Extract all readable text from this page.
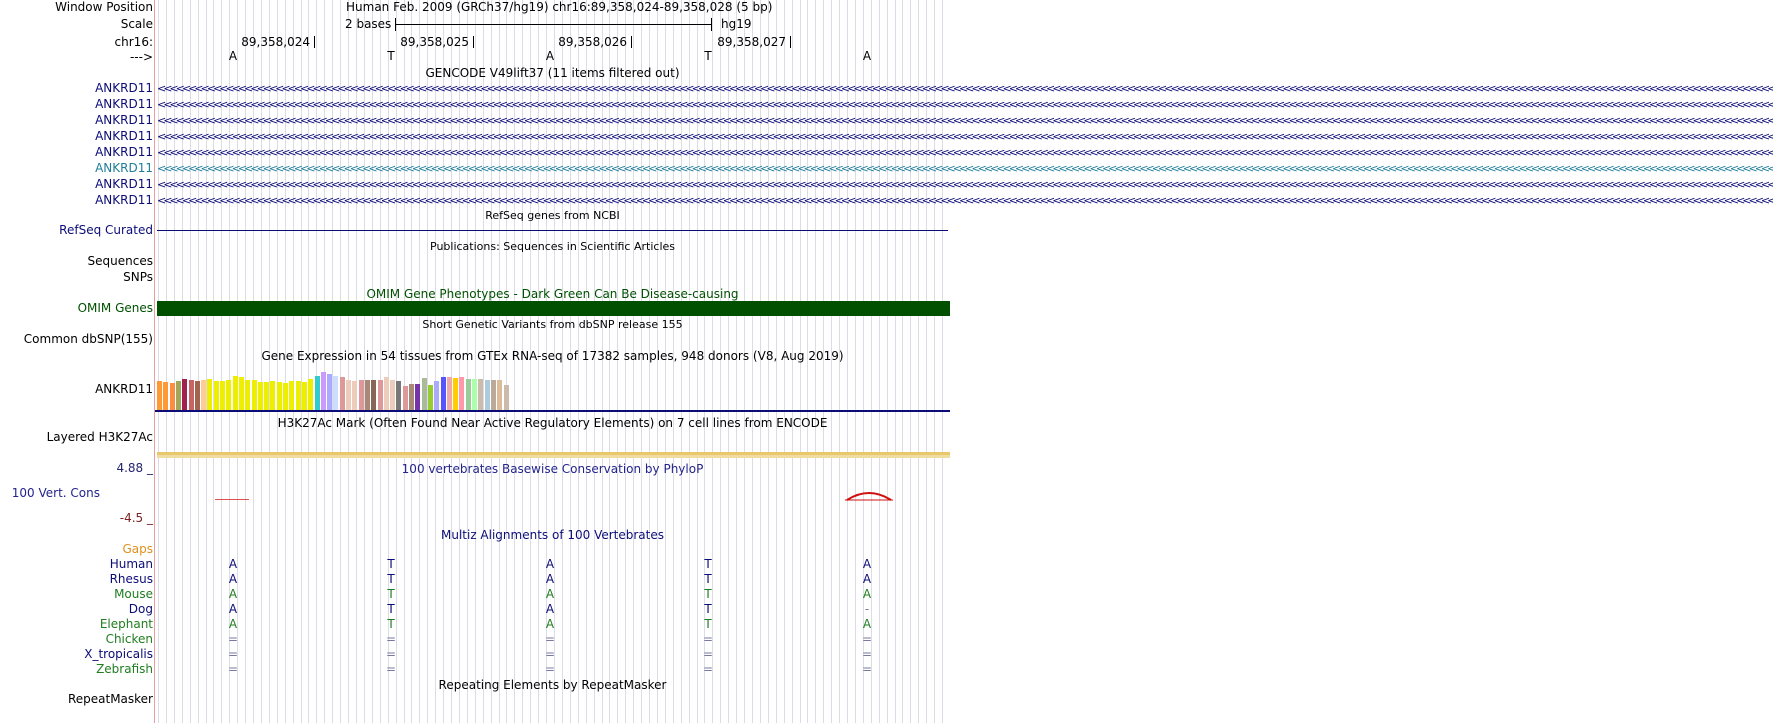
Window Position	Human Feb. 2009 (GRCh37/hg19) chr16:89,358,024-89,358,028 (5 bp)
Scale	2 bases	hg19
chr16:	89,358,024	89,358,025	89,358,026	89,358,027
--->	A	T	A	T	A
GENCODE V49lift37 (11 items filtered out)
ANKRD11 <<<<<<<<<<<<<<<<<<<<<<<<<<<<<<<<<<<<<<<<<<<<<<<<<<<<<<<<<<<<<<<<<<<<<<<<<<<<<<<<<<<<<<<<<<<<<<<<<<<<<<<<<<<<<<<<<<<<<<<<<<<<<<<<<<<<<<<<<<<<<<<<<<<<<<<<<<<<<<<<<<<<<<<<<<<<<<<<<<<<<<<<<<<<<<<<<<<<<<<<<<<<<<<<<<<<<<<<<<<<<<<<<<<<<<<<<<<<<<<<<<<<<<<<<<<<<<<<<<<<
ANKRD11 <<<<<<<<<<<<<<<<<<<<<<<<<<<<<<<<<<<<<<<<<<<<<<<<<<<<<<<<<<<<<<<<<<<<<<<<<<<<<<<<<<<<<<<<<<<<<<<<<<<<<<<<<<<<<<<<<<<<<<<<<<<<<<<<<<<<<<<<<<<<<<<<<<<<<<<<<<<<<<<<<<<<<<<<<<<<<<<<<<<<<<<<<<<<<<<<<<<<<<<<<<<<<<<<<<<<<<<<<<<<<<<<<<<<<<<<<<<<<<<<<<<<<<<<<<<<<<<<<<<<
ANKRD11 <<<<<<<<<<<<<<<<<<<<<<<<<<<<<<<<<<<<<<<<<<<<<<<<<<<<<<<<<<<<<<<<<<<<<<<<<<<<<<<<<<<<<<<<<<<<<<<<<<<<<<<<<<<<<<<<<<<<<<<<<<<<<<<<<<<<<<<<<<<<<<<<<<<<<<<<<<<<<<<<<<<<<<<<<<<<<<<<<<<<<<<<<<<<<<<<<<<<<<<<<<<<<<<<<<<<<<<<<<<<<<<<<<<<<<<<<<<<<<<<<<<<<<<<<<<<<<<<<<<<
ANKRD11 <<<<<<<<<<<<<<<<<<<<<<<<<<<<<<<<<<<<<<<<<<<<<<<<<<<<<<<<<<<<<<<<<<<<<<<<<<<<<<<<<<<<<<<<<<<<<<<<<<<<<<<<<<<<<<<<<<<<<<<<<<<<<<<<<<<<<<<<<<<<<<<<<<<<<<<<<<<<<<<<<<<<<<<<<<<<<<<<<<<<<<<<<<<<<<<<<<<<<<<<<<<<<<<<<<<<<<<<<<<<<<<<<<<<<<<<<<<<<<<<<<<<<<<<<<<<<<<<<<<<
ANKRD11 <<<<<<<<<<<<<<<<<<<<<<<<<<<<<<<<<<<<<<<<<<<<<<<<<<<<<<<<<<<<<<<<<<<<<<<<<<<<<<<<<<<<<<<<<<<<<<<<<<<<<<<<<<<<<<<<<<<<<<<<<<<<<<<<<<<<<<<<<<<<<<<<<<<<<<<<<<<<<<<<<<<<<<<<<<<<<<<<<<<<<<<<<<<<<<<<<<<<<<<<<<<<<<<<<<<<<<<<<<<<<<<<<<<<<<<<<<<<<<<<<<<<<<<<<<<<<<<<<<<<
ANKRD11 <<<<<<<<<<<<<<<<<<<<<<<<<<<<<<<<<<<<<<<<<<<<<<<<<<<<<<<<<<<<<<<<<<<<<<<<<<<<<<<<<<<<<<<<<<<<<<<<<<<<<<<<<<<<<<<<<<<<<<<<<<<<<<<<<<<<<<<<<<<<<<<<<<<<<<<<<<<<<<<<<<<<<<<<<<<<<<<<<<<<<<<<<<<<<<<<<<<<<<<<<<<<<<<<<<<<<<<<<<<<<<<<<<<<<<<<<<<<<<<<<<<<<<<<<<<<<<<<<<<<
ANKRD11 <<<<<<<<<<<<<<<<<<<<<<<<<<<<<<<<<<<<<<<<<<<<<<<<<<<<<<<<<<<<<<<<<<<<<<<<<<<<<<<<<<<<<<<<<<<<<<<<<<<<<<<<<<<<<<<<<<<<<<<<<<<<<<<<<<<<<<<<<<<<<<<<<<<<<<<<<<<<<<<<<<<<<<<<<<<<<<<<<<<<<<<<<<<<<<<<<<<<<<<<<<<<<<<<<<<<<<<<<<<<<<<<<<<<<<<<<<<<<<<<<<<<<<<<<<<<<<<<<<<<
ANKRD11 <<<<<<<<<<<<<<<<<<<<<<<<<<<<<<<<<<<<<<<<<<<<<<<<<<<<<<<<<<<<<<<<<<<<<<<<<<<<<<<<<<<<<<<<<<<<<<<<<<<<<<<<<<<<<<<<<<<<<<<<<<<<<<<<<<<<<<<<<<<<<<<<<<<<<<<<<<<<<<<<<<<<<<<<<<<<<<<<<<<<<<<<<<<<<<<<<<<<<<<<<<<<<<<<<<<<<<<<<<<<<<<<<<<<<<<<<<<<<<<<<<<<<<<<<<<<<<<<<<<<
RefSeq genes from NCBI
RefSeq Curated
Publications: Sequences in Scientific Articles
Sequences
SNPs
OMIM Gene Phenotypes - Dark Green Can Be Disease-causing
OMIM Genes
Short Genetic Variants from dbSNP release 155
Common dbSNP(155)
Gene Expression in 54 tissues from GTEx RNA-seq of 17382 samples, 948 donors (V8, Aug 2019)
ANKRD11
H3K27Ac Mark (Often Found Near Active Regulatory Elements) on 7 cell lines from ENCODE
Layered H3K27Ac
4.88 _	100 vertebrates Basewise Conservation by PhyloP
100 Vert. Cons
-4.5 _
Multiz Alignments of 100 Vertebrates
Gaps
Human	A	T	A	T	A
Rhesus	A	T	A	T	A
Mouse	A	T	A	T	A
Dog	A	T	A	T	-
Elephant	A	T	A	T	A
Chicken	=	=	=	=	=
X_tropicalis	=	=	=	=	=
Zebrafish	=	=	=	=	=
Repeating Elements by RepeatMasker
RepeatMasker
